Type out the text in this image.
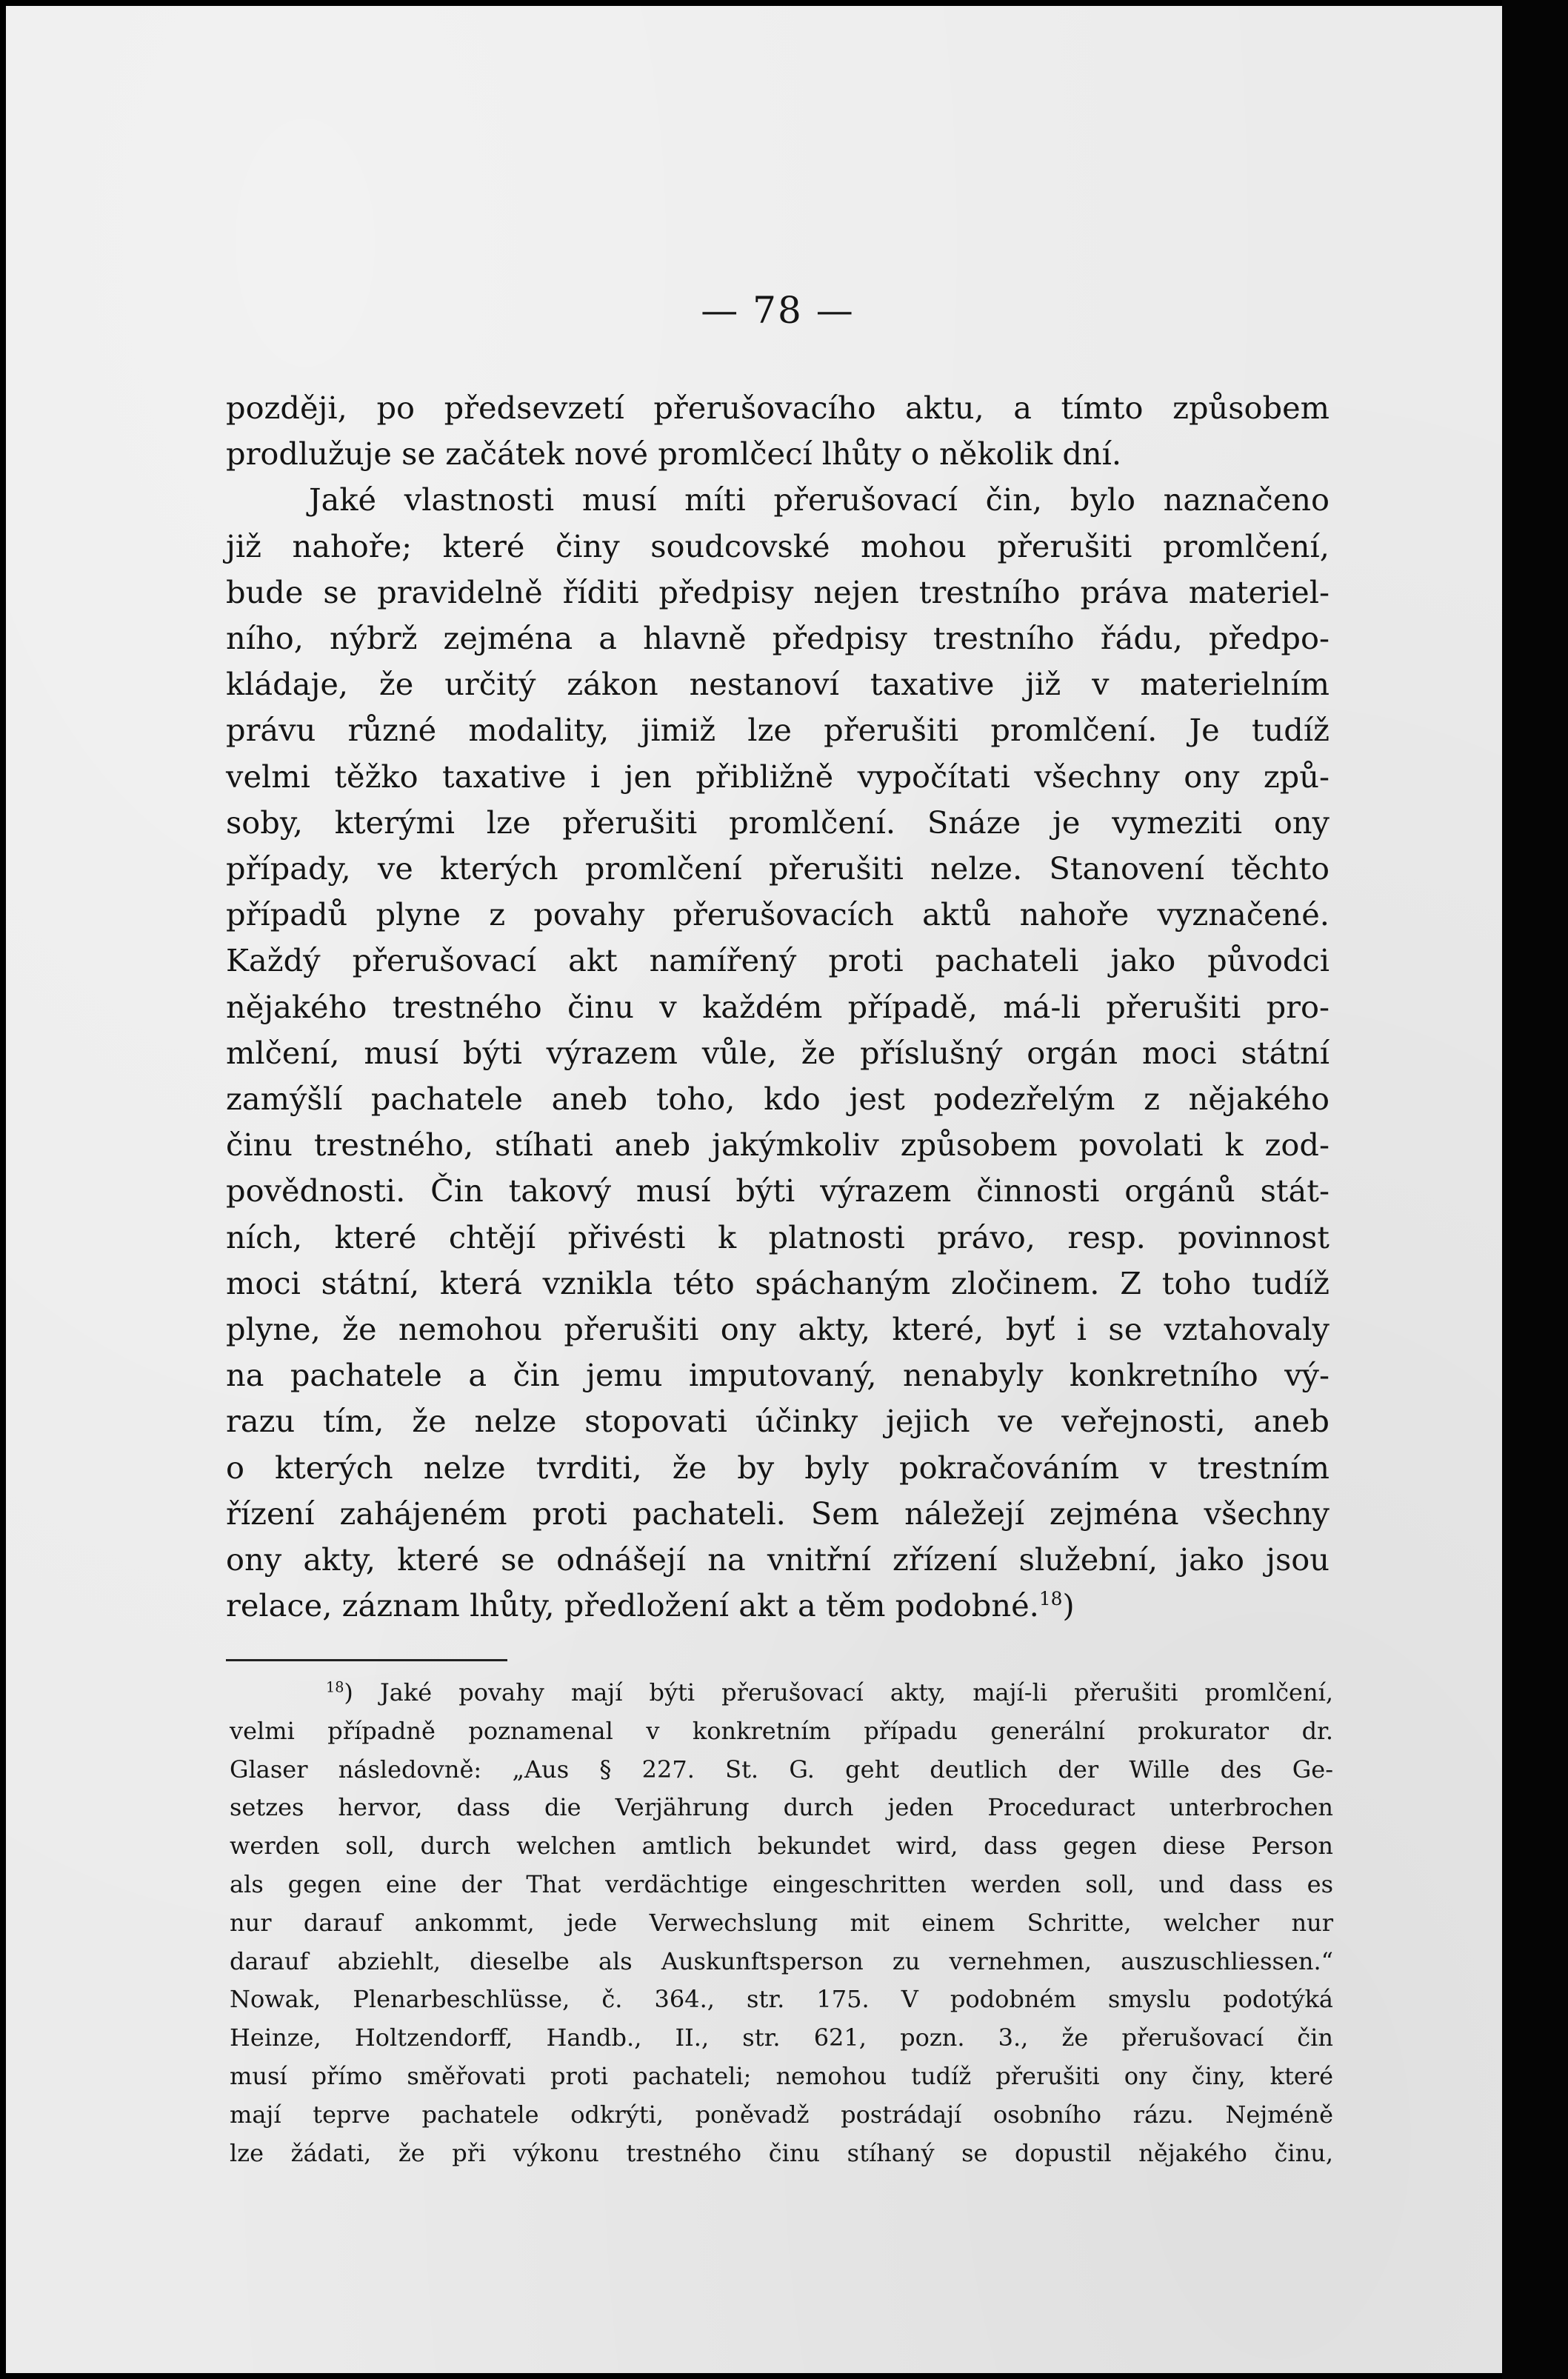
— 78 —
později, po předsevzetí přerušovacího aktu, a tímto způsobem
prodlužuje se začátek nové promlčecí lhůty o několik dní.
Jaké vlastnosti musí míti přerušovací čin, bylo naznačeno
již nahoře; které činy soudcovské mohou přerušiti promlčení,
bude se pravidelně říditi předpisy nejen trestního práva materiel-
ního, nýbrž zejména a hlavně předpisy trestního řádu, předpo-
kládaje, že určitý zákon nestanoví taxative již v materielním
právu různé modality, jimiž lze přerušiti promlčení. Je tudíž
velmi těžko taxative i jen přibližně vypočítati všechny ony způ-
soby, kterými lze přerušiti promlčení. Snáze je vymeziti ony
případy, ve kterých promlčení přerušiti nelze. Stanovení těchto
případů plyne z povahy přerušovacích aktů nahoře vyznačené.
Každý přerušovací akt namířený proti pachateli jako původci
nějakého trestného činu v každém případě, má-li přerušiti pro-
mlčení, musí býti výrazem vůle, že příslušný orgán moci státní
zamýšlí pachatele aneb toho, kdo jest podezřelým z nějakého
činu trestného, stíhati aneb jakýmkoliv způsobem povolati k zod-
povědnosti. Čin takový musí býti výrazem činnosti orgánů stát-
ních, které chtějí přivésti k platnosti právo, resp. povinnost
moci státní, která vznikla této spáchaným zločinem. Z toho tudíž
plyne, že nemohou přerušiti ony akty, které, byť i se vztahovaly
na pachatele a čin jemu imputovaný, nenabyly konkretního vý-
razu tím, že nelze stopovati účinky jejich ve veřejnosti, aneb
o kterých nelze tvrditi, že by byly pokračováním v trestním
řízení zahájeném proti pachateli. Sem náležejí zejména všechny
ony akty, které se odnášejí na vnitřní zřízení služební, jako jsou
relace, záznam lhůty, předložení akt a těm podobné.$^{18}$)
$^{18}$) Jaké povahy mají býti přerušovací akty, mají-li přerušiti promlčení,
velmi případně poznamenal v konkretním případu generální prokurator dr.
Glaser následovně: „Aus § 227. St. G. geht deutlich der Wille des Ge-
setzes hervor, dass die Verjährung durch jeden Proceduract unterbrochen
werden soll, durch welchen amtlich bekundet wird, dass gegen diese Person
als gegen eine der That verdächtige eingeschritten werden soll, und dass es
nur darauf ankommt, jede Verwechslung mit einem Schritte, welcher nur
darauf abziehlt, dieselbe als Auskunftsperson zu vernehmen, auszuschliessen.“
Nowak, Plenarbeschlüsse, č. 364., str. 175. V podobném smyslu podotýká
Heinze, Holtzendorff, Handb., II., str. 621, pozn. 3., že přerušovací čin
musí přímo směřovati proti pachateli; nemohou tudíž přerušiti ony činy, které
mají teprve pachatele odkrýti, poněvadž postrádají osobního rázu. Nejméně
lze žádati, že při výkonu trestného činu stíhaný se dopustil nějakého činu,
